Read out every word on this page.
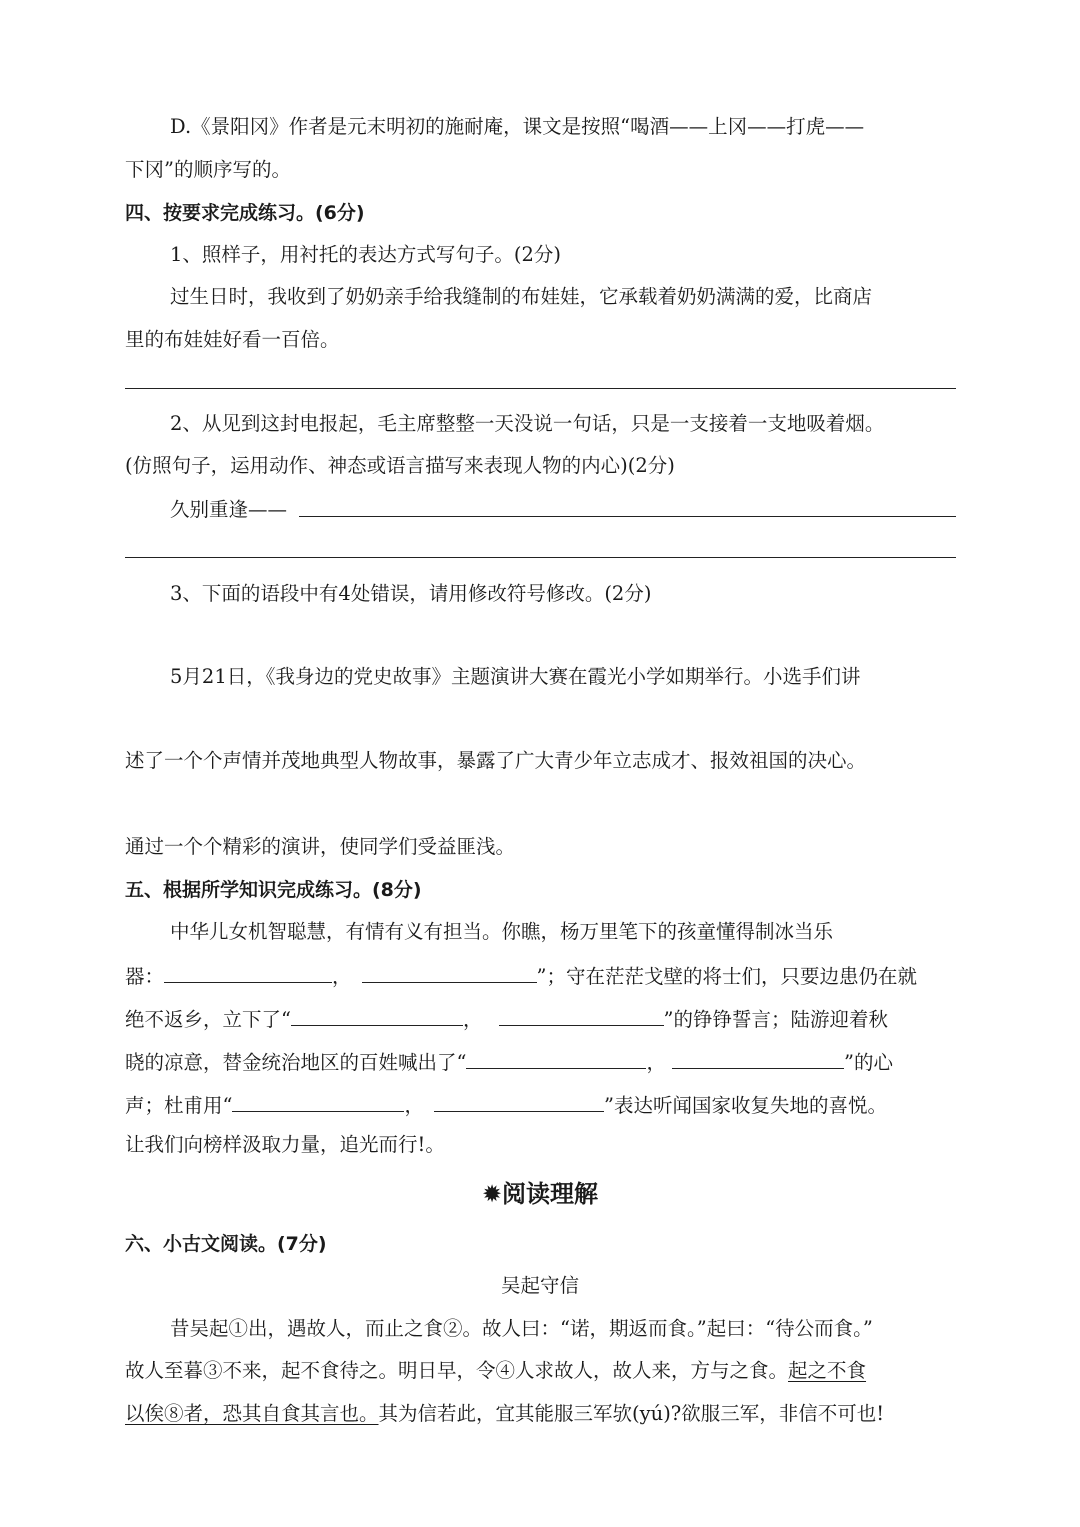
D.《景阳冈》作者是元末明初的施耐庵，课文是按照“喝酒——上冈——打虎——
下冈”的顺序写的。
四、按要求完成练习。(6分)
1、照样子，用衬托的表达方式写句子。(2分)
过生日时，我收到了奶奶亲手给我缝制的布娃娃，它承载着奶奶满满的爱，比商店
里的布娃娃好看一百倍。
2、从见到这封电报起，毛主席整整一天没说一句话，只是一支接着一支地吸着烟。
(仿照句子，运用动作、神态或语言描写来表现人物的内心)(2分)
久别重逢——
3、下面的语段中有4处错误，请用修改符号修改。(2分)
5月21日，《我身边的党史故事》主题演讲大赛在霞光小学如期举行。小选手们讲
述了一个个声情并茂地典型人物故事，暴露了广大青少年立志成才、报效祖国的决心。
通过一个个精彩的演讲，使同学们受益匪浅。
五、根据所学知识完成练习。(8分)
中华儿女机智聪慧，有情有义有担当。你瞧，杨万里笔下的孩童懂得制冰当乐
器：	，	”；守在茫茫戈壁的将士们，只要边患仍在就
绝不返乡，立下了“	，	”的铮铮誓言；陆游迎着秋
晓的凉意，替金统治地区的百姓喊出了“	，	”的心
声；杜甫用“	，	”表达听闻国家收复失地的喜悦。
让我们向榜样汲取力量，追光而行!。
✹阅读理解
六、小古文阅读。(7分)
吴起守信
昔吴起①出，遇故人，而止之食②。故人曰：“诺，期返而食。”起曰：“待公而食。”
故人至暮③不来，起不食待之。明日早，令④人求故人，故人来，方与之食。起之不食
以俟⑧者，恐其自食其言也。其为信若此，宜其能服三军欤(yú)?欲服三军，非信不可也!
